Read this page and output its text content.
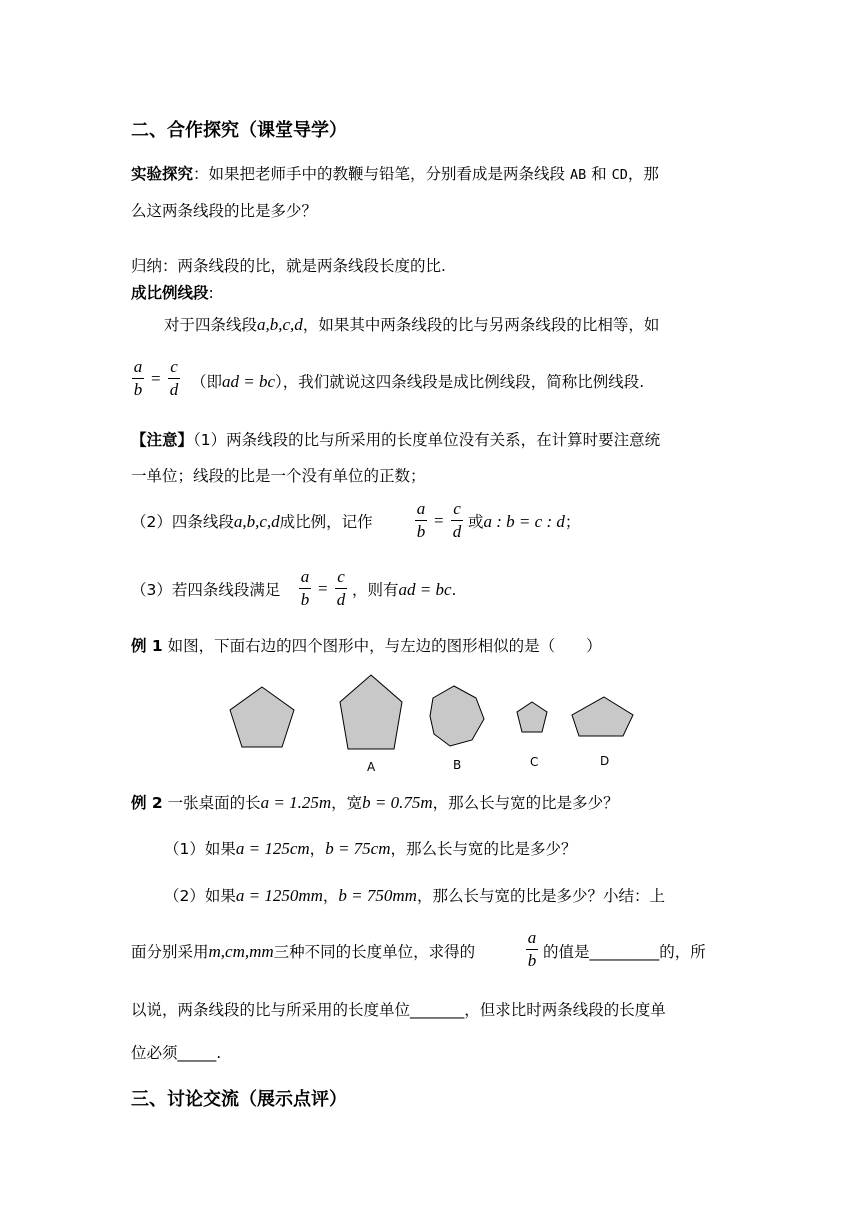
二、合作探究（课堂导学）
实验探究：如果把老师手中的教鞭与铅笔，分别看成是两条线段 AB 和 CD，那
么这两条线段的比是多少？
归纳：两条线段的比，就是两条线段长度的比.
成比例线段:
对于四条线段a,b,c,d，如果其中两条线段的比与另两条线段的比相等，如
a
b
=
c
d （即ad = bc），我们就说这四条线段是成比例线段，简称比例线段.
【注意】（1）两条线段的比与所采用的长度单位没有关系，在计算时要注意统
一单位；线段的比是一个没有单位的正数；
（2）四条线段a,b,c,d成比例，记作
a
b
=
c
d 或a : b = c : d；
（3）若四条线段满足
a
b
=
c
d ，则有ad = bc.
例 1 如图，下面右边的四个图形中，与左边的图形相似的是（　　）
A	B	C	D
例 2 一张桌面的长a = 1.25m，宽b = 0.75m，那么长与宽的比是多少？
（1）如果a = 125cm，b = 75cm，那么长与宽的比是多少？
（2）如果a = 1250mm，b = 750mm，那么长与宽的比是多少？小结：上
面分别采用m,cm,mm三种不同的长度单位，求得的
a
b 的值是_________的，所
以说，两条线段的比与所采用的长度单位_______，但求比时两条线段的长度单
位必须_____.
三、讨论交流（展示点评）
